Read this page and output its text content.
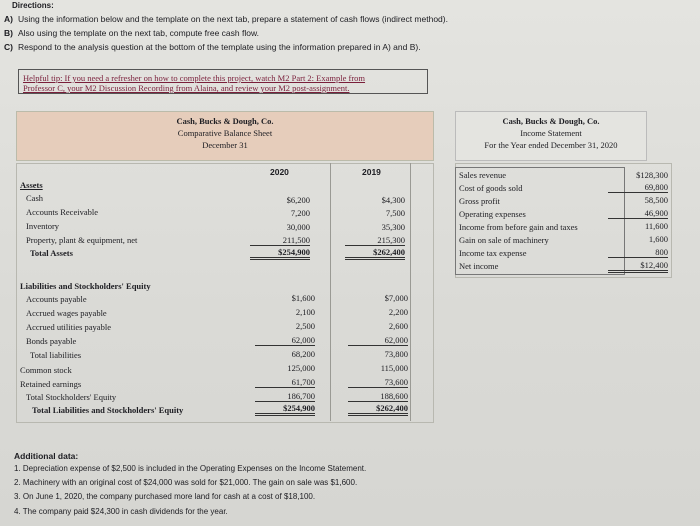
Directions:
A) Using the information below and the template on the next tab, prepare a statement of cash flows (indirect method).
B) Also using the template on the next tab, compute free cash flow.
C) Respond to the analysis question at the bottom of the template using the information prepared in A) and B).
Helpful tip: If you need a refresher on how to complete this project, watch M2 Part 2: Example from
Professor C, your M2 Discussion Recording from Alaina, and review your M2 post-assignment.
Cash, Bucks & Dough, Co.
Comparative Balance Sheet
December 31
Cash, Bucks & Dough, Co.
Income Statement
For the Year ended December 31, 2020
2020	2019
Assets
Cash	$6,200	$4,300
Accounts Receivable	7,200	7,500
Inventory	30,000	35,300
Property, plant & equipment, net	211,500	215,300
Total Assets	$254,900	$262,400
Liabilities and Stockholders' Equity
Accounts payable	$1,600	$7,000
Accrued wages payable	2,100	2,200
Accrued utilities payable	2,500	2,600
Bonds payable	62,000	62,000
Total liabilities	68,200	73,800
Common stock	125,000	115,000
Retained earnings	61,700	73,600
Total Stockholders' Equity	186,700	188,600
Total Liabilities and Stockholders' Equity	$254,900	$262,400
Sales revenue	$128,300
Cost of goods sold	69,800
Gross profit	58,500
Operating expenses	46,900
Income from before gain and taxes	11,600
Gain on sale of machinery	1,600
Income tax expense	800
Net income	$12,400
Additional data:
1. Depreciation expense of $2,500 is included in the Operating Expenses on the Income Statement.
2. Machinery with an original cost of $24,000 was sold for $21,000. The gain on sale was $1,600.
3. On June 1, 2020, the company purchased more land for cash at a cost of $18,100.
4. The company paid $24,300 in cash dividends for the year.
